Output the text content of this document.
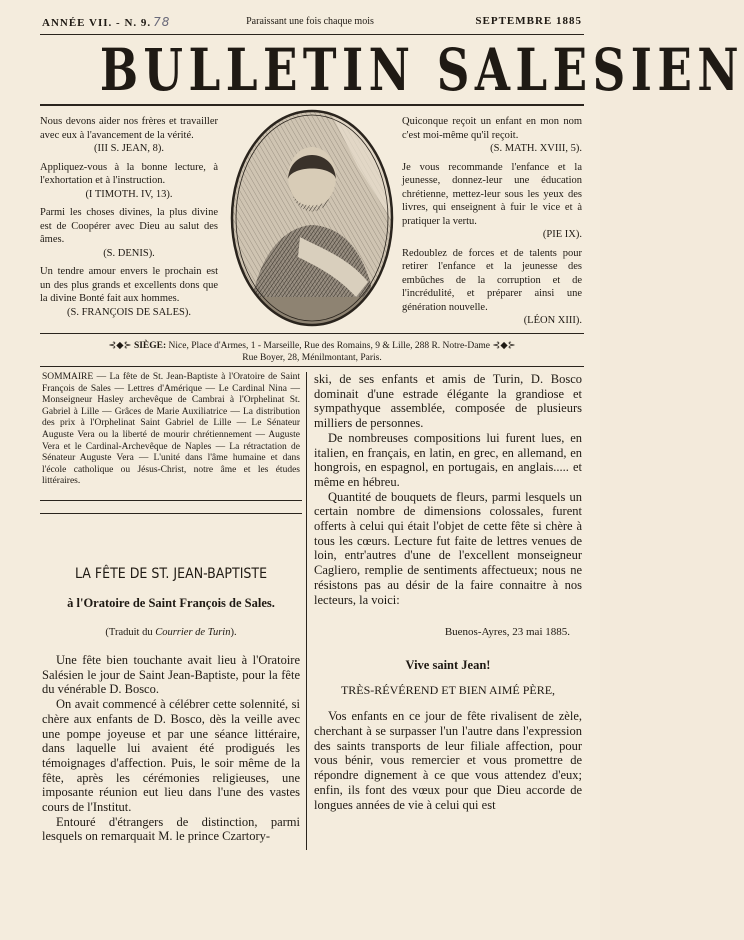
ANNÉE VII. - N. 9. 78	Paraissant une fois chaque mois	SEPTEMBRE 1885
BULLETIN SALESIEN
Nous devons aider nos frères et travailler avec eux à l'avancement de la vérité.
(III S. JEAN, 8).
Appliquez-vous à la bonne lecture, à l'exhortation et à l'instruction.
(I TIMOTH. IV, 13).
Parmi les choses divines, la plus divine est de Coopérer avec Dieu au salut des âmes.
(S. DENIS).
Un tendre amour envers le prochain est un des plus grands et excellents dons que la divine Bonté fait aux hommes.
(S. FRANÇOIS DE SALES).
Quiconque reçoit un enfant en mon nom c'est moi-même qu'il reçoit.
(S. MATH. XVIII, 5).
Je vous recommande l'enfance et la jeunesse, donnez-leur une éducation chrétienne, mettez-leur sous les yeux des livres, qui enseignent à fuir le vice et à pratiquer la vertu.
(PIE IX).
Redoublez de forces et de talents pour retirer l'enfance et la jeunesse des embûches de la corruption et de l'incrédulité, et préparer ainsi une génération nouvelle.
(LÉON XIII).
⊰◆⊱ SIÈGE: Nice, Place d'Armes, 1 - Marseille, Rue des Romains, 9 & Lille, 288 R. Notre-Dame ⊰◆⊱
Rue Boyer, 28, Ménilmontant, Paris.
SOMMAIRE — La fête de St. Jean-Baptiste à l'Oratoire de Saint François de Sales — Lettres d'Amérique — Le Cardinal Nina — Monseigneur Hasley archevêque de Cambrai à l'Orphelinat St. Gabriel à Lille — Grâces de Marie Auxiliatrice — La distribution des prix à l'Orphelinat Saint Gabriel de Lille — Le Sénateur Auguste Vera ou la liberté de mourir chrétiennement — Auguste Vera et le Cardinal-Archevêque de Naples — La rétractation de Sénateur Auguste Vera — L'unité dans l'âme humaine et dans l'école catholique ou Jésus-Christ, notre âme et les études littéraires.
LA FÊTE DE ST. JEAN-BAPTISTE
à l'Oratoire de Saint François de Sales.
(Traduit du Courrier de Turin).

Une fête bien touchante avait lieu à l'Oratoire Salésien le jour de Saint Jean-Baptiste, pour la fête du vénérable D. Bosco.

On avait commencé à célébrer cette solennité, si chère aux enfants de D. Bosco, dès la veille avec une pompe joyeuse et par une séance littéraire, dans laquelle lui avaient été prodigués les témoignages d'affection. Puis, le soir même de la fête, après les cérémonies religieuses, une imposante réunion eut lieu dans l'une des vastes cours de l'Institut.

Entouré d'étrangers de distinction, parmi lesquels on remarquait M. le prince Czartory-

ski, de ses enfants et amis de Turin, D. Bosco dominait d'une estrade élégante la grandiose et sympathyque assemblée, composée de plusieurs milliers de personnes.

De nombreuses compositions lui furent lues, en italien, en français, en latin, en grec, en allemand, en hongrois, en espagnol, en portugais, en anglais..... et même en hébreu.

Quantité de bouquets de fleurs, parmi lesquels un certain nombre de dimensions colossales, furent offerts à celui qui était l'objet de cette fête si chère à tous les cœurs. Lecture fut faite de lettres venues de loin, entr'autres d'une de l'excellent monseigneur Cagliero, remplie de sentiments affectueux; nous ne résistons pas au désir de la faire connaitre à nos lecteurs, la voici:

Buenos-Ayres, 23 mai 1885.

Vive saint Jean!

TRÈS-RÉVÉREND ET BIEN AIMÉ PÈRE,

Vos enfants en ce jour de fête rivalisent de zèle, cherchant à se surpasser l'un l'autre dans l'expression des saints transports de leur filiale affection, pour vous bénir, vous remercier et vous promettre de répondre dignement à ce que vous attendez d'eux; enfin, ils font des vœux pour que Dieu accorde de longues années de vie à celui qui est
